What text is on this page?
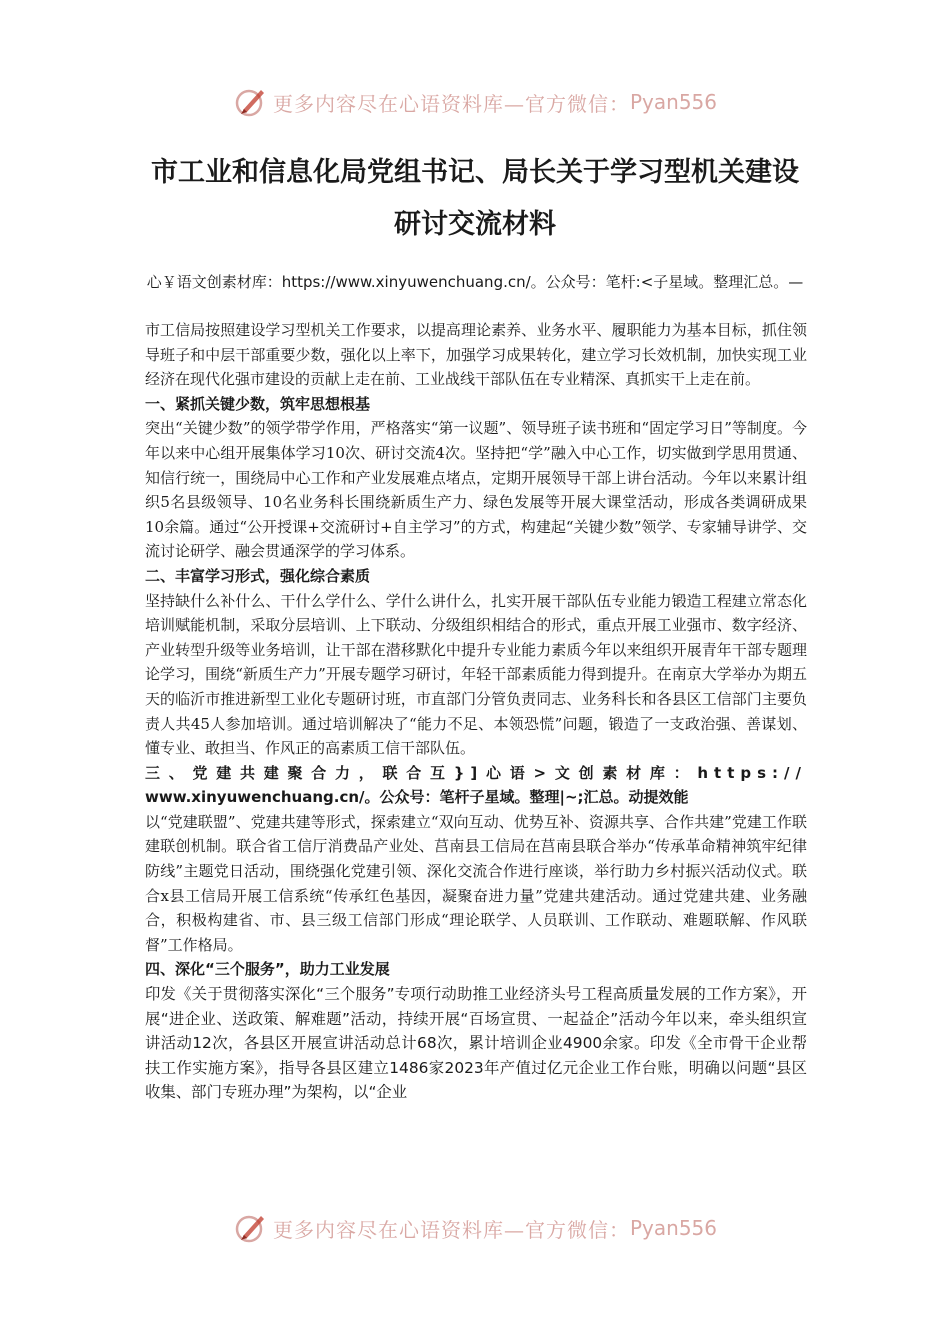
更多内容尽在心语资料库—官方微信： Pyan556
市工业和信息化局党组书记、局长关于学习型机关建设研讨交流材料
心￥语文创素材库：https://www.xinyuwenchuang.cn/。公众号：笔杆:<子星域。整理汇总。—

市工信局按照建设学习型机关工作要求，以提高理论素养、业务水平、履职能力为基本目标，抓住领导班子和中层干部重要少数，强化以上率下，加强学习成果转化，建立学习长效机制，加快实现工业经济在现代化强市建设的贡献上走在前、工业战线干部队伍在专业精深、真抓实干上走在前。

一、紧抓关键少数，筑牢思想根基

突出“关键少数”的领学带学作用，严格落实“第一议题”、领导班子读书班和“固定学习日”等制度。今年以来中心组开展集体学习10次、研讨交流4次。坚持把“学”融入中心工作，切实做到学思用贯通、知信行统一，围绕局中心工作和产业发展难点堵点，定期开展领导干部上讲台活动。今年以来累计组织5名县级领导、10名业务科长围绕新质生产力、绿色发展等开展大课堂活动，形成各类调研成果10余篇。通过“公开授课+交流研讨+自主学习”的方式，构建起“关键少数”领学、专家辅导讲学、交流讨论研学、融会贯通深学的学习体系。

二、丰富学习形式，强化综合素质

坚持缺什么补什么、干什么学什么、学什么讲什么，扎实开展干部队伍专业能力锻造工程建立常态化培训赋能机制，采取分层培训、上下联动、分级组织相结合的形式，重点开展工业强市、数字经济、产业转型升级等业务培训，让干部在潜移默化中提升专业能力素质今年以来组织开展青年干部专题理论学习，围绕“新质生产力”开展专题学习研讨，年轻干部素质能力得到提升。在南京大学举办为期五天的临沂市推进新型工业化专题研讨班，市直部门分管负责同志、业务科长和各县区工信部门主要负责人共45人参加培训。通过培训解决了“能力不足、本领恐慌”问题，锻造了一支政治强、善谋划、懂专业、敢担当、作风正的高素质工信干部队伍。

三、党建共建聚合力，联合互}]心语>文创素材库：https://

www.xinyuwenchuang.cn/。公众号：笔杆子星域。整理|~;汇总。动提效能

以“党建联盟”、党建共建等形式，探索建立“双向互动、优势互补、资源共享、合作共建”党建工作联建联创机制。联合省工信厅消费品产业处、莒南县工信局在莒南县联合举办“传承革命精神筑牢纪律防线”主题党日活动，围绕强化党建引领、深化交流合作进行座谈，举行助力乡村振兴活动仪式。联合x县工信局开展工信系统“传承红色基因，凝聚奋进力量”党建共建活动。通过党建共建、业务融合，积极构建省、市、县三级工信部门形成“理论联学、人员联训、工作联动、难题联解、作风联督”工作格局。

四、深化“三个服务”，助力工业发展

印发《关于贯彻落实深化“三个服务”专项行动助推工业经济头号工程高质量发展的工作方案》，开展“进企业、送政策、解难题”活动，持续开展“百场宣贯、一起益企”活动今年以来，牵头组织宣讲活动12次，各县区开展宣讲活动总计68次，累计培训企业4900余家。印发《全市骨干企业帮扶工作实施方案》，指导各县区建立1486家2023年产值过亿元企业工作台账，明确以问题“县区收集、部门专班办理”为架构，以“企业

更多内容尽在心语资料库—官方微信： Pyan556
